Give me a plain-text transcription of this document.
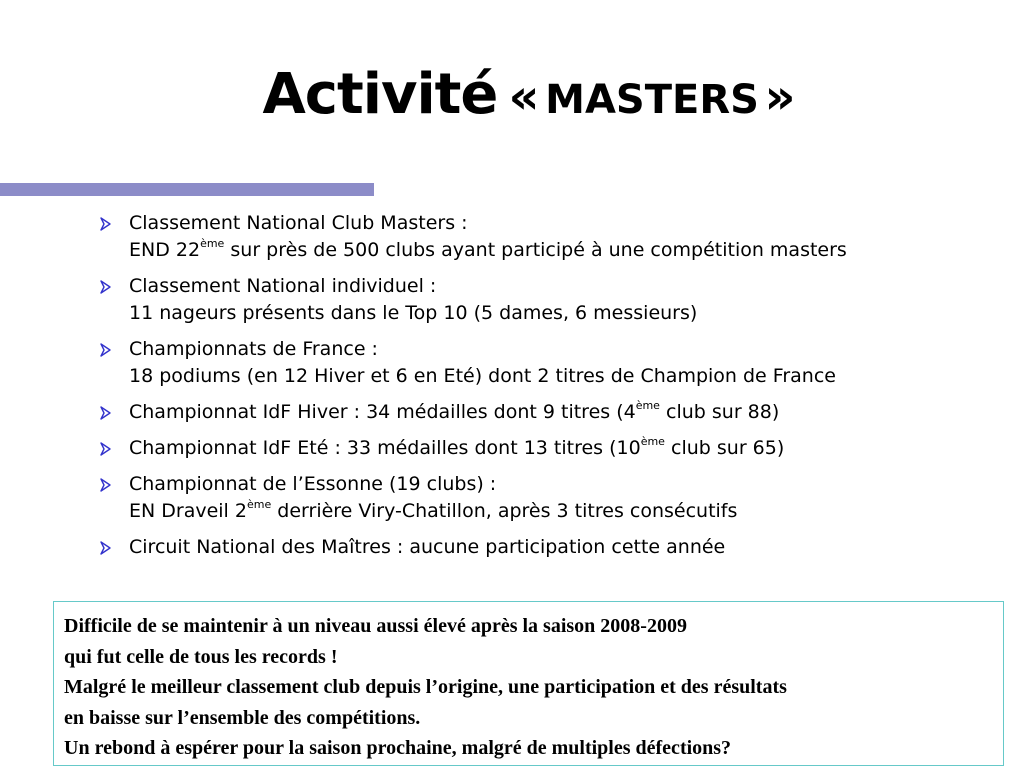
Activité « MASTERS »
Classement National Club Masters :
END 22ème sur près de 500 clubs ayant participé à une compétition masters
Classement National individuel :
11 nageurs présents dans le Top 10 (5 dames, 6 messieurs)
Championnats de France :
18 podiums (en 12 Hiver et 6 en Eté) dont 2 titres de Champion de France
Championnat IdF Hiver : 34 médailles dont 9 titres (4ème club sur 88)
Championnat IdF Eté : 33 médailles dont 13 titres (10ème club sur 65)
Championnat de l’Essonne (19 clubs) :
EN Draveil 2ème derrière Viry-Chatillon, après 3 titres consécutifs
Circuit National des Maîtres : aucune participation cette année
Difficile de se maintenir à un niveau aussi élevé après la saison 2008-2009
qui fut celle de tous les records !
Malgré le meilleur classement club depuis l’origine, une participation et des résultats
en baisse sur l’ensemble des compétitions.
Un rebond à espérer pour la saison prochaine, malgré de multiples défections?
